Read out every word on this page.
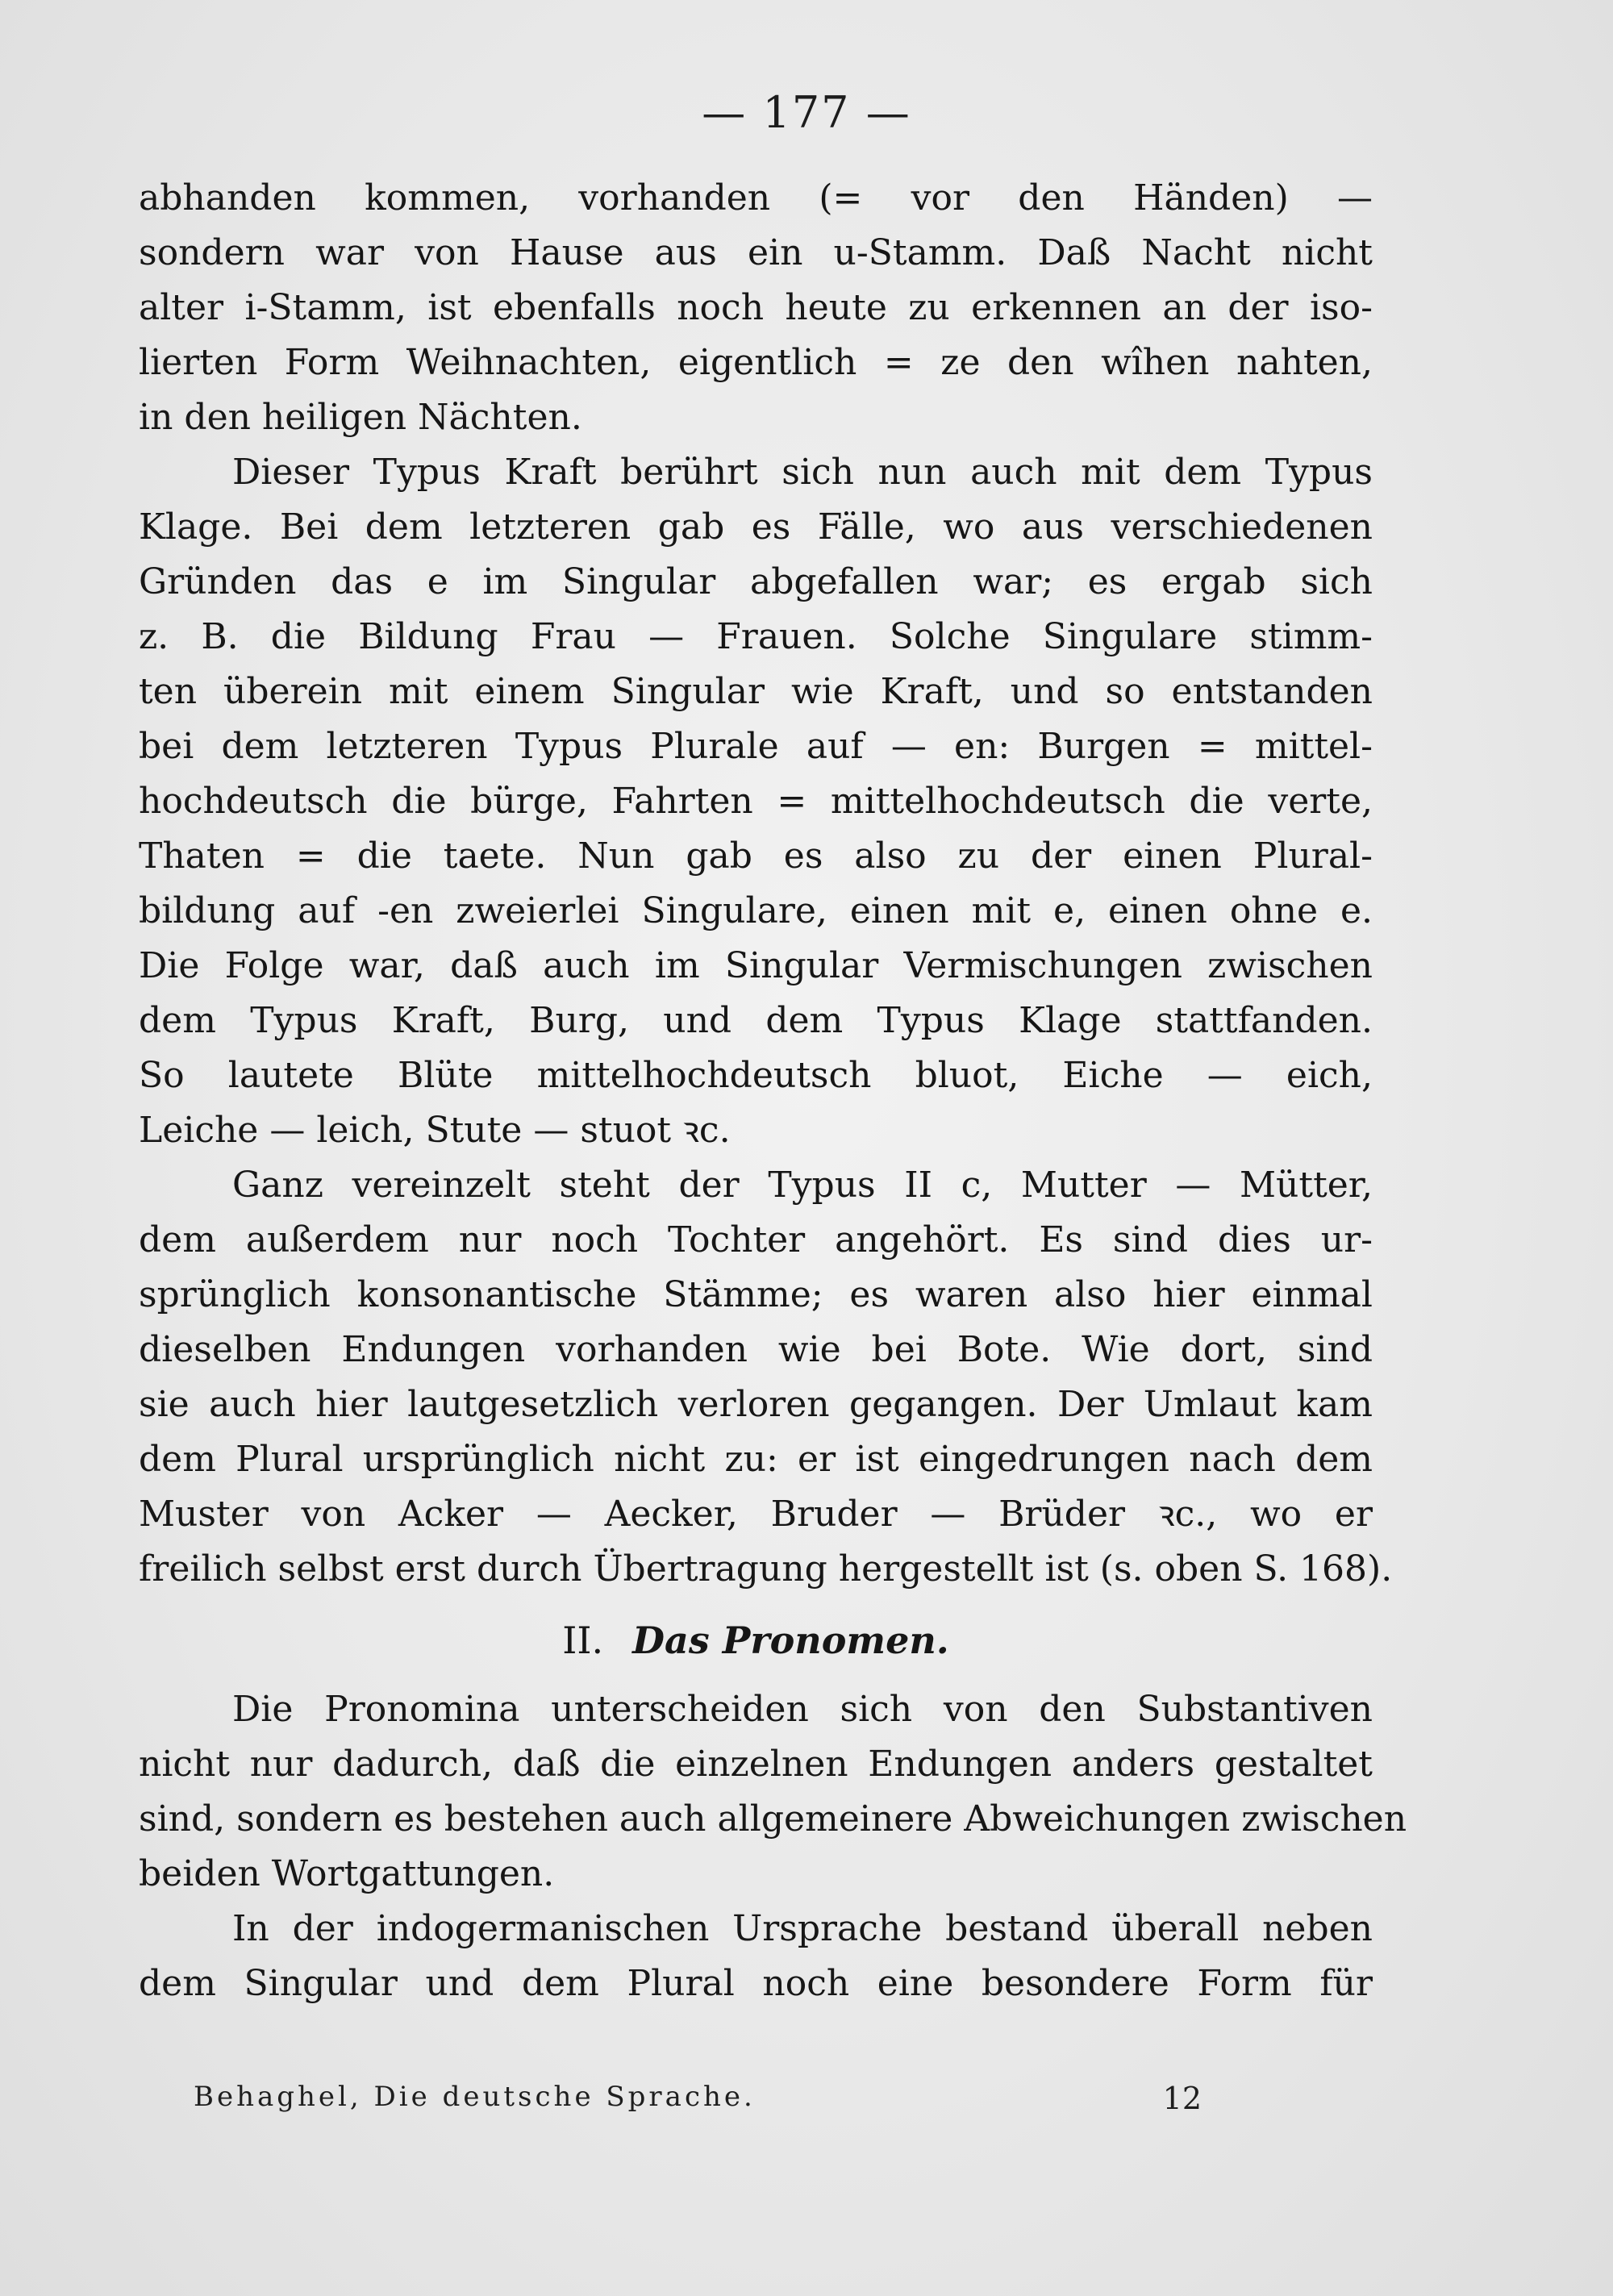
— 177 —
abhanden kommen, vorhanden (= vor den Händen) —
sondern war von Hause aus ein u-Stamm. Daß Nacht nicht
alter i-Stamm, ist ebenfalls noch heute zu erkennen an der iso-
lierten Form Weihnachten, eigentlich = ze den wîhen nahten,
in den heiligen Nächten.
Dieser Typus Kraft berührt sich nun auch mit dem Typus
Klage. Bei dem letzteren gab es Fälle, wo aus verschiedenen
Gründen das e im Singular abgefallen war; es ergab sich
z. B. die Bildung Frau — Frauen. Solche Singulare stimm-
ten überein mit einem Singular wie Kraft, und so entstanden
bei dem letzteren Typus Plurale auf — en: Burgen = mittel-
hochdeutsch die bürge, Fahrten = mittelhochdeutsch die verte,
Thaten = die taete. Nun gab es also zu der einen Plural-
bildung auf -en zweierlei Singulare, einen mit e, einen ohne e.
Die Folge war, daß auch im Singular Vermischungen zwischen
dem Typus Kraft, Burg, und dem Typus Klage stattfanden.
So lautete Blüte mittelhochdeutsch bluot, Eiche — eich,
Leiche — leich, Stute — stuot ꝛc.
Ganz vereinzelt steht der Typus II c, Mutter — Mütter,
dem außerdem nur noch Tochter angehört. Es sind dies ur-
sprünglich konsonantische Stämme; es waren also hier einmal
dieselben Endungen vorhanden wie bei Bote. Wie dort, sind
sie auch hier lautgesetzlich verloren gegangen. Der Umlaut kam
dem Plural ursprünglich nicht zu: er ist eingedrungen nach dem
Muster von Acker — Aecker, Bruder — Brüder ꝛc., wo er
freilich selbst erst durch Übertragung hergestellt ist (s. oben S. 168).
II. Das Pronomen.
Die Pronomina unterscheiden sich von den Substantiven
nicht nur dadurch, daß die einzelnen Endungen anders gestaltet
sind, sondern es bestehen auch allgemeinere Abweichungen zwischen
beiden Wortgattungen.
In der indogermanischen Ursprache bestand überall neben
dem Singular und dem Plural noch eine besondere Form für
Behaghel, Die deutsche Sprache.	12
